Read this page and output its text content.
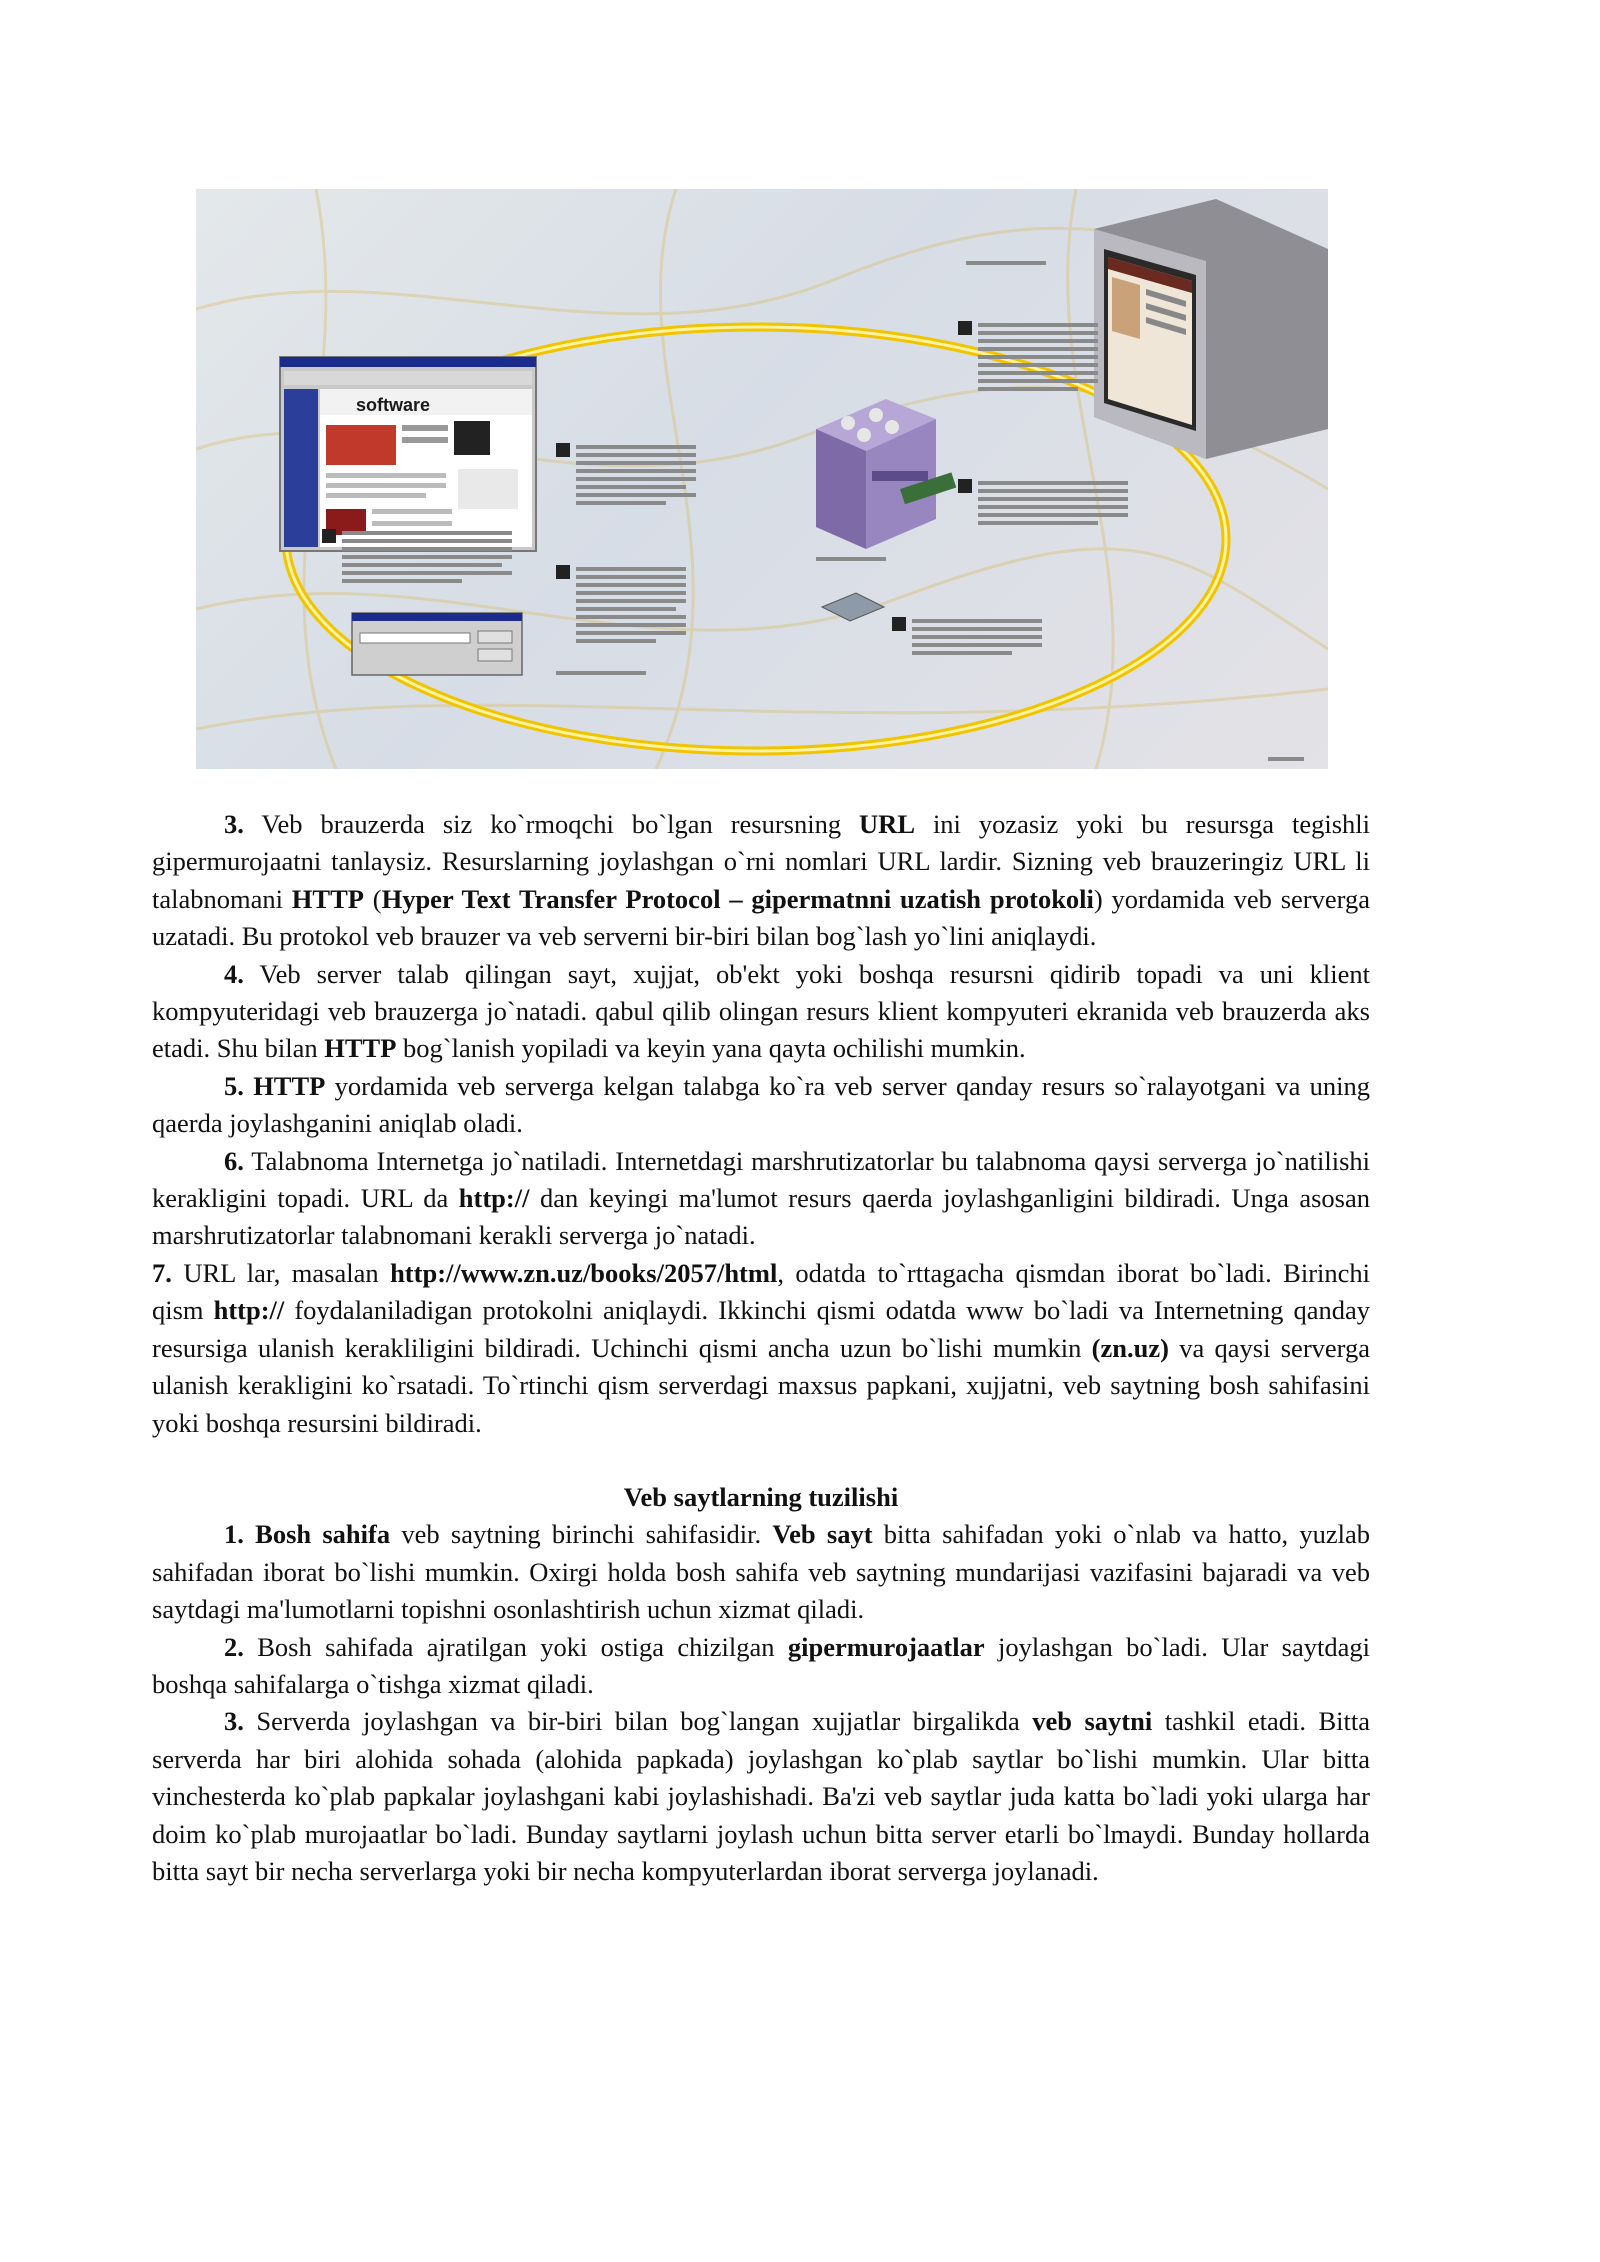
software

3. Veb brauzerda siz ko`rmoqchi bo`lgan resursning URL ini yozasiz yoki bu resursga tegishli gipermurojaatni tanlaysiz. Resurslarning joylashgan o`rni nomlari URL lardir. Sizning veb brauzeringiz URL li talabnomani HTTP (Hyper Text Transfer Protocol – gipermatnni uzatish protokoli) yordamida veb serverga uzatadi. Bu protokol veb brauzer va veb serverni bir-biri bilan bog`lash yo`lini aniqlaydi.

4. Veb server talab qilingan sayt, xujjat, ob'ekt yoki boshqa resursni qidirib topadi va uni klient kompyuteridagi veb brauzerga jo`natadi. qabul qilib olingan resurs klient kompyuteri ekranida veb brauzerda aks etadi. Shu bilan HTTP bog`lanish yopiladi va keyin yana qayta ochilishi mumkin.

5. HTTP yordamida veb serverga kelgan talabga ko`ra veb server qanday resurs so`ralayotgani va uning qaerda joylashganini aniqlab oladi.

6. Talabnoma Internetga jo`natiladi. Internetdagi marshrutizatorlar bu talabnoma qaysi serverga jo`natilishi kerakligini topadi. URL da http:// dan keyingi ma'lumot resurs qaerda joylashganligini bildiradi. Unga asosan marshrutizatorlar talabnomani kerakli serverga jo`natadi.

7. URL lar, masalan http://www.zn.uz/books/2057/html, odatda to`rttagacha qismdan iborat bo`ladi. Birinchi qism http:// foydalaniladigan protokolni aniqlaydi. Ikkinchi qismi odatda www bo`ladi va Internetning qanday resursiga ulanish kerakliligini bildiradi. Uchinchi qismi ancha uzun bo`lishi mumkin (zn.uz) va qaysi serverga ulanish kerakligini ko`rsatadi. To`rtinchi qism serverdagi maxsus papkani, xujjatni, veb saytning bosh sahifasini yoki boshqa resursini bildiradi.

Veb saytlarning tuzilishi

1. Bosh sahifa veb saytning birinchi sahifasidir. Veb sayt bitta sahifadan yoki o`nlab va hatto, yuzlab sahifadan iborat bo`lishi mumkin. Oxirgi holda bosh sahifa veb saytning mundarijasi vazifasini bajaradi va veb saytdagi ma'lumotlarni topishni osonlashtirish uchun xizmat qiladi.

2. Bosh sahifada ajratilgan yoki ostiga chizilgan gipermurojaatlar joylashgan bo`ladi. Ular saytdagi boshqa sahifalarga o`tishga xizmat qiladi.

3. Serverda joylashgan va bir-biri bilan bog`langan xujjatlar birgalikda veb saytni tashkil etadi. Bitta serverda har biri alohida sohada (alohida papkada) joylashgan ko`plab saytlar bo`lishi mumkin. Ular bitta vinchesterda ko`plab papkalar joylashgani kabi joylashishadi. Ba'zi veb saytlar juda katta bo`ladi yoki ularga har doim ko`plab murojaatlar bo`ladi. Bunday saytlarni joylash uchun bitta server etarli bo`lmaydi. Bunday hollarda bitta sayt bir necha serverlarga yoki bir necha kompyuterlardan iborat serverga joylanadi.
